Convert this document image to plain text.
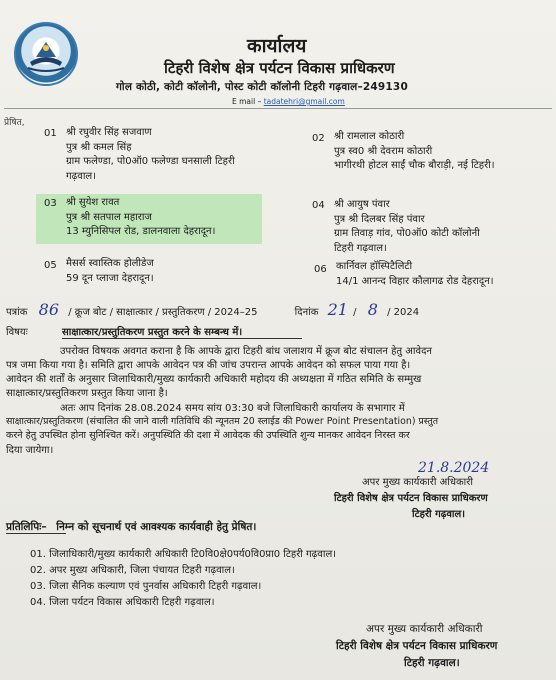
कार्यालय
टिहरी विशेष क्षेत्र पर्यटन विकास प्राधिकरण
गोल कोठी, कोटी कॉलोनी, पोस्ट कोटी कॉलोनी टिहरी गढ़वाल–249130
E mail – tadatehri@gmail.com
प्रेषित,
01 श्री रघुवीर सिंह सजवाण
पुत्र श्री कमल सिंह
ग्राम फलेण्डा, पो0ऑ0 फलेण्डा घनसाली टिहरी
गढ़वाल।
02 श्री रामलाल कोठारी
पुत्र स्व0 श्री देवराम कोठारी
भागीरथी होटल साईं चौक बौराड़ी, नई टिहरी।
03 श्री सुयेश रावत
पुत्र श्री सतपाल महाराज
13 म्युनिसिपल रोड, डालनवाला देहरादून।
04 श्री आयुष पंवार
पुत्र श्री दिलबर सिंह पंवार
ग्राम तिवाड़ गांव, पो0ऑ0 कोटी कॉलोनी
टिहरी गढ़वाल।
05 मैसर्स स्वास्तिक होलीडेज
59 दून प्लाजा देहरादून।
06 कार्निवल हॉस्पिटैलिटी
14/1 आनन्द विहार कौलागढ रोड देहरादून।
पत्रांक 86 / क्रूज बोट / साक्षात्कार / प्रस्तुतिकरण / 2024–25	दिनांक 21 / 8 / 2024
विषयः	साक्षात्कार/प्रस्तुतिकरण प्रस्तुत करने के सम्बन्ध में।
उपरोक्त विषयक अवगत कराना है कि आपके द्वारा टिहरी बांध जलाशय में क्रूज बोट संचालन हेतु आवेदन
पत्र जमा किया गया है। समिति द्वारा आपके आवेदन पत्र की जांच उपरान्त आपके आवेदन को सफल पाया गया है।
आवेदन की शर्तों के अनुसार जिलाधिकारी/मुख्य कार्यकारी अधिकारी महोदय की अध्यक्षता में गठित समिति के सम्मुख
साक्षात्कार/प्रस्तुतिकरण प्रस्तुत किया जाना है।
अतः आप दिनांक 28.08.2024 समय सांय 03:30 बजे जिलाधिकारी कार्यालय के सभागार में
साक्षात्कार/प्रस्तुतिकरण (संचालित की जाने वाली गतिविधि की न्यूनतम 20 स्लाईड की Power Point Presentation) प्रस्तुत
करने हेतु उपस्थित होना सुनिश्चित करें। अनुपस्थिति की दशा में आवेदक की उपस्थिति शुन्य मानकर आवेदन निरस्त कर
दिया जायेगा।
21.8.2024
अपर मुख्य कार्यकारी अधिकारी
टिहरी विशेष क्षेत्र पर्यटन विकास प्राधिकरण
टिहरी गढ़वाल।
प्रतिलिपिः– निम्न को सूचनार्थ एवं आवश्यक कार्यवाही हेतु प्रेषित।
01. जिलाधिकारी/मुख्य कार्यकारी अधिकारी टि0वि0क्षे0पर्य0वि0प्रा0 टिहरी गढ़वाल।
02. अपर मुख्य अधिकारी, जिला पंचायत टिहरी गढ़वाल।
03. जिला सैनिक कल्याण एवं पुनर्वास अधिकारी टिहरी गढ़वाल।
04. जिला पर्यटन विकास अधिकारी टिहरी गढ़वाल।
अपर मुख्य कार्यकारी अधिकारी
टिहरी विशेष क्षेत्र पर्यटन विकास प्राधिकरण
टिहरी गढ़वाल।
